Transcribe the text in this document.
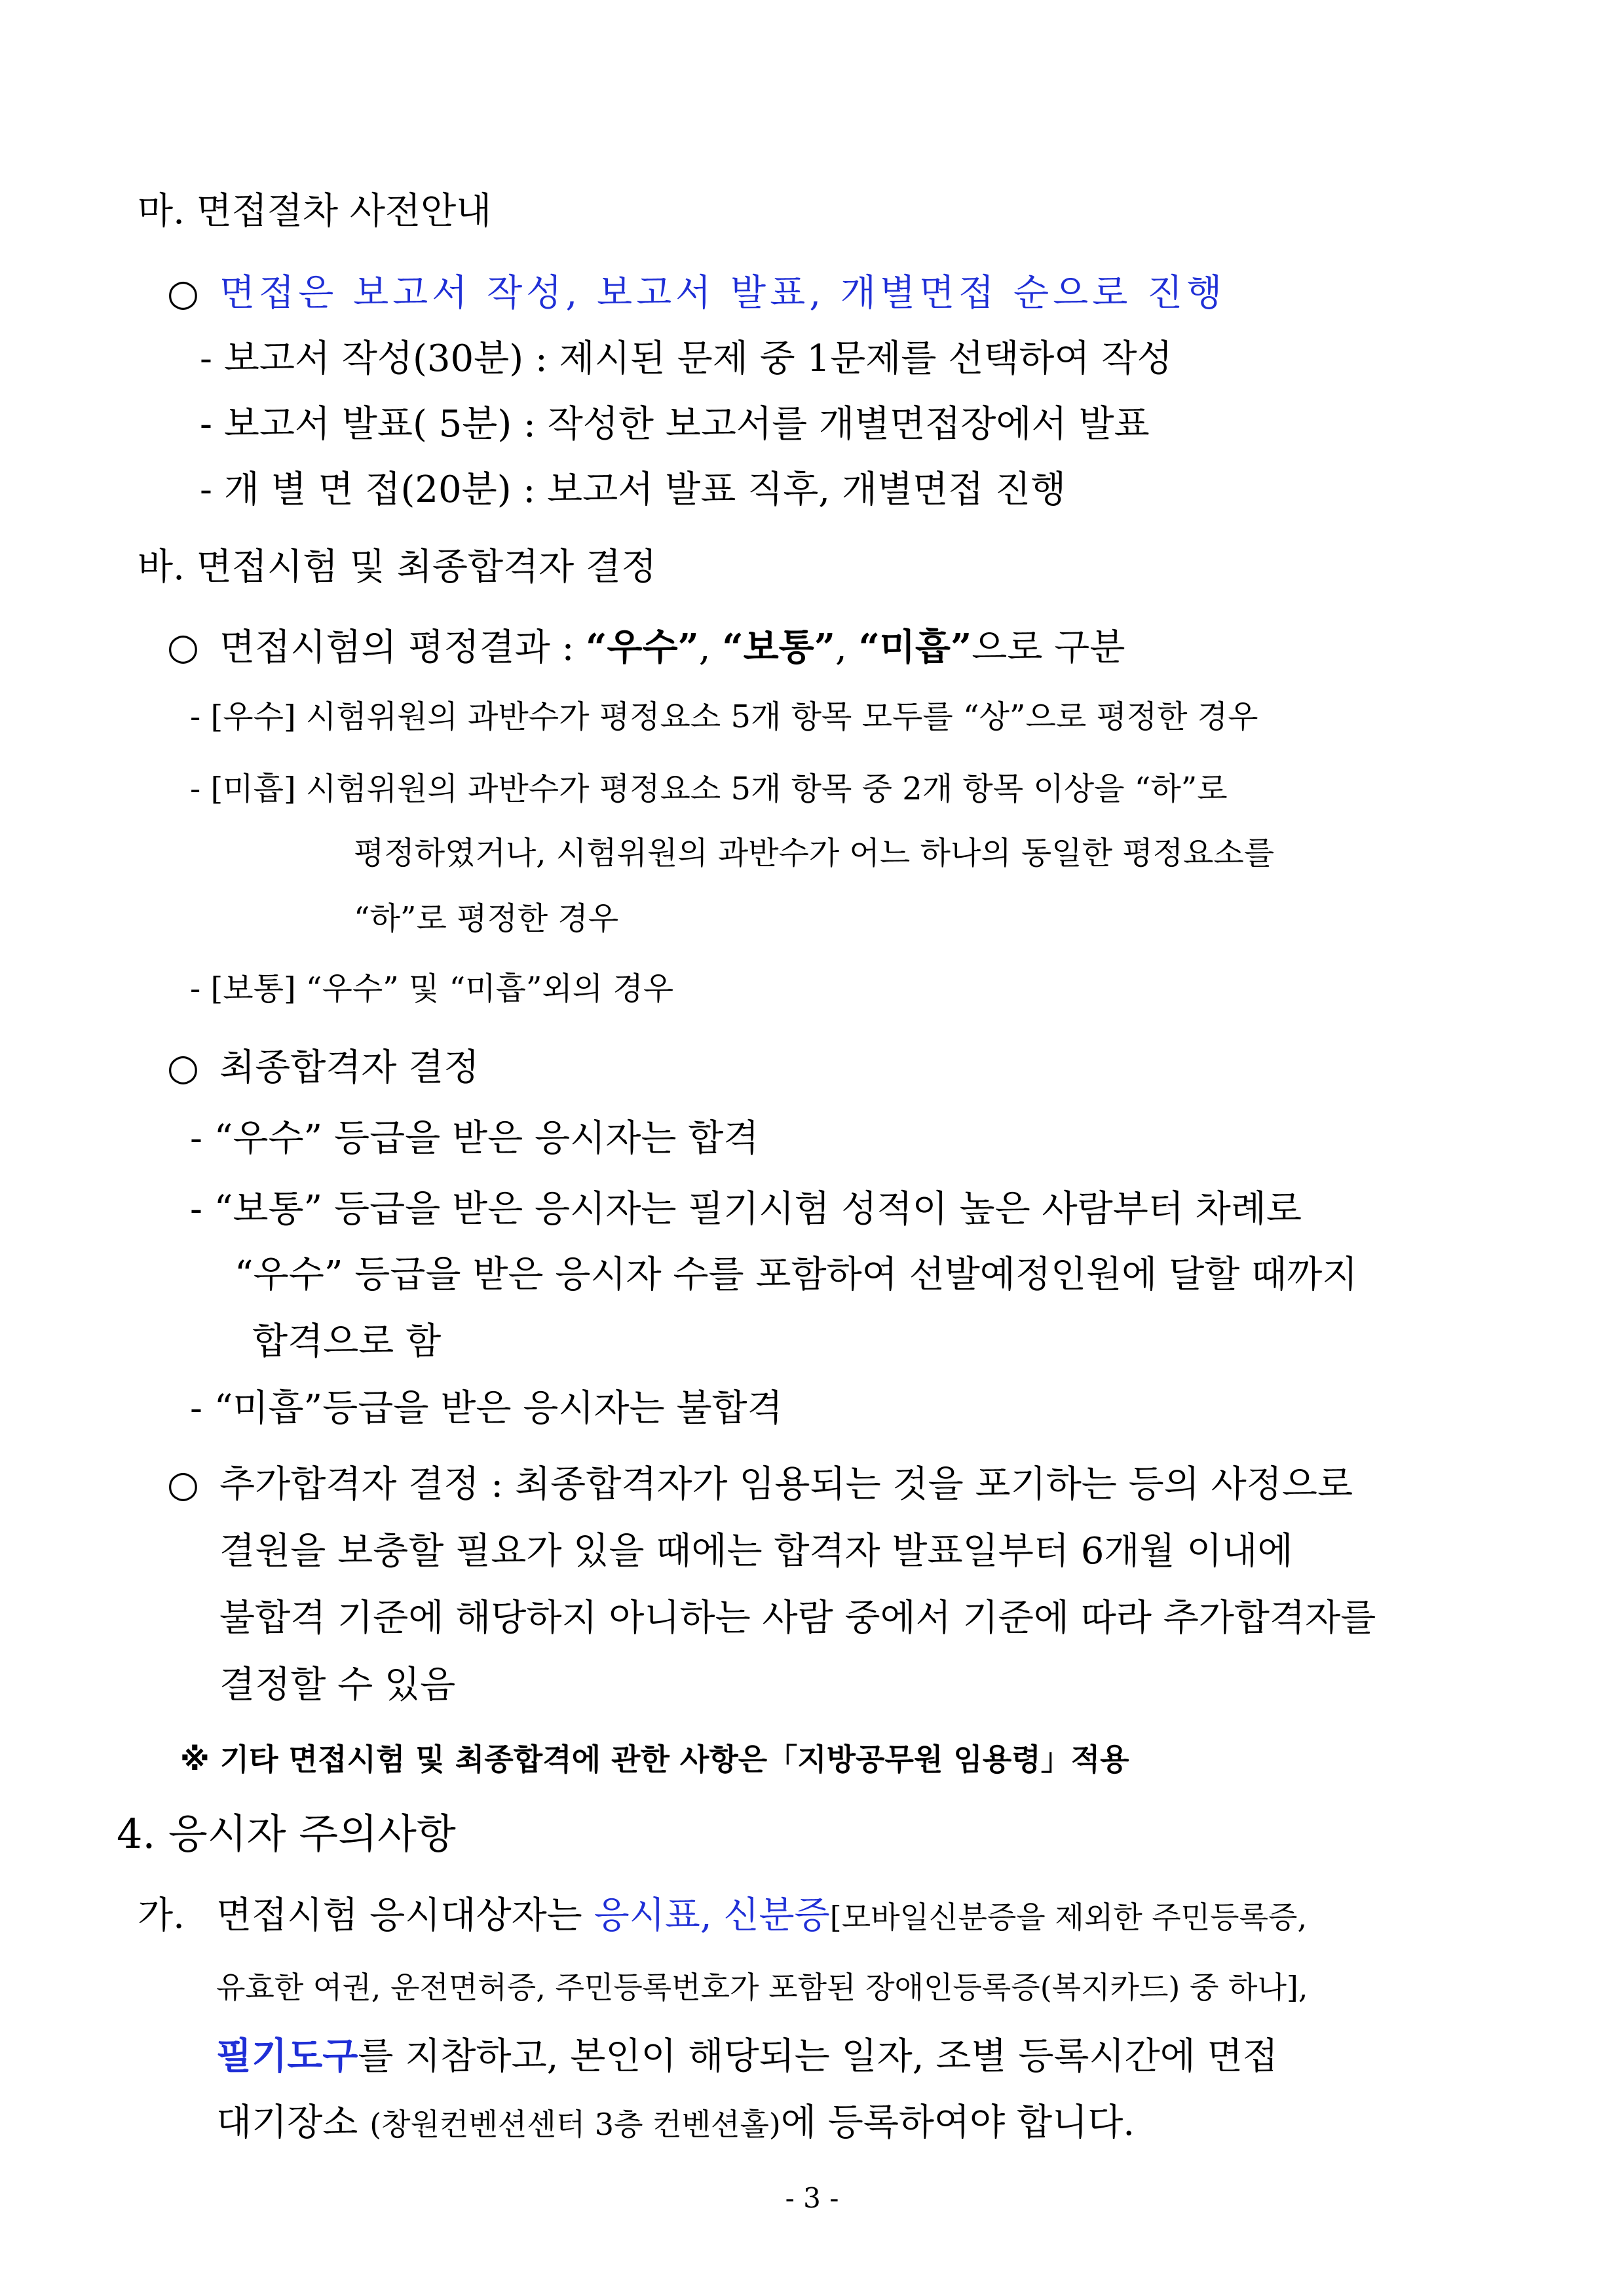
마. 면접절차 사전안내
○ 면접은 보고서 작성, 보고서 발표, 개별면접 순으로 진행
- 보고서 작성(30분) : 제시된 문제 중 1문제를 선택하여 작성
- 보고서 발표( 5분) : 작성한 보고서를 개별면접장에서 발표
- 개 별 면 접(20분) : 보고서 발표 직후, 개별면접 진행
바. 면접시험 및 최종합격자 결정
○ 면접시험의 평정결과 : “우수”, “보통”, “미흡”으로 구분
- [우수] 시험위원의 과반수가 평정요소 5개 항목 모두를 “상”으로 평정한 경우
- [미흡] 시험위원의 과반수가 평정요소 5개 항목 중 2개 항목 이상을 “하”로
평정하였거나, 시험위원의 과반수가 어느 하나의 동일한 평정요소를
“하”로 평정한 경우
- [보통] “우수” 및 “미흡”외의 경우
○ 최종합격자 결정
- “우수” 등급을 받은 응시자는 합격
- “보통” 등급을 받은 응시자는 필기시험 성적이 높은 사람부터 차례로
“우수” 등급을 받은 응시자 수를 포함하여 선발예정인원에 달할 때까지
합격으로 함
- “미흡”등급을 받은 응시자는 불합격
○ 추가합격자 결정 : 최종합격자가 임용되는 것을 포기하는 등의 사정으로
결원을 보충할 필요가 있을 때에는 합격자 발표일부터 6개월 이내에
불합격 기준에 해당하지 아니하는 사람 중에서 기준에 따라 추가합격자를
결정할 수 있음
※ 기타 면접시험 및 최종합격에 관한 사항은「지방공무원 임용령」적용
4. 응시자 주의사항
가. 면접시험 응시대상자는 응시표, 신분증[모바일신분증을 제외한 주민등록증,
유효한 여권, 운전면허증, 주민등록번호가 포함된 장애인등록증(복지카드) 중 하나],
필기도구를 지참하고, 본인이 해당되는 일자, 조별 등록시간에 면접
대기장소 (창원컨벤션센터 3층 컨벤션홀)에 등록하여야 합니다.
- 3 -
